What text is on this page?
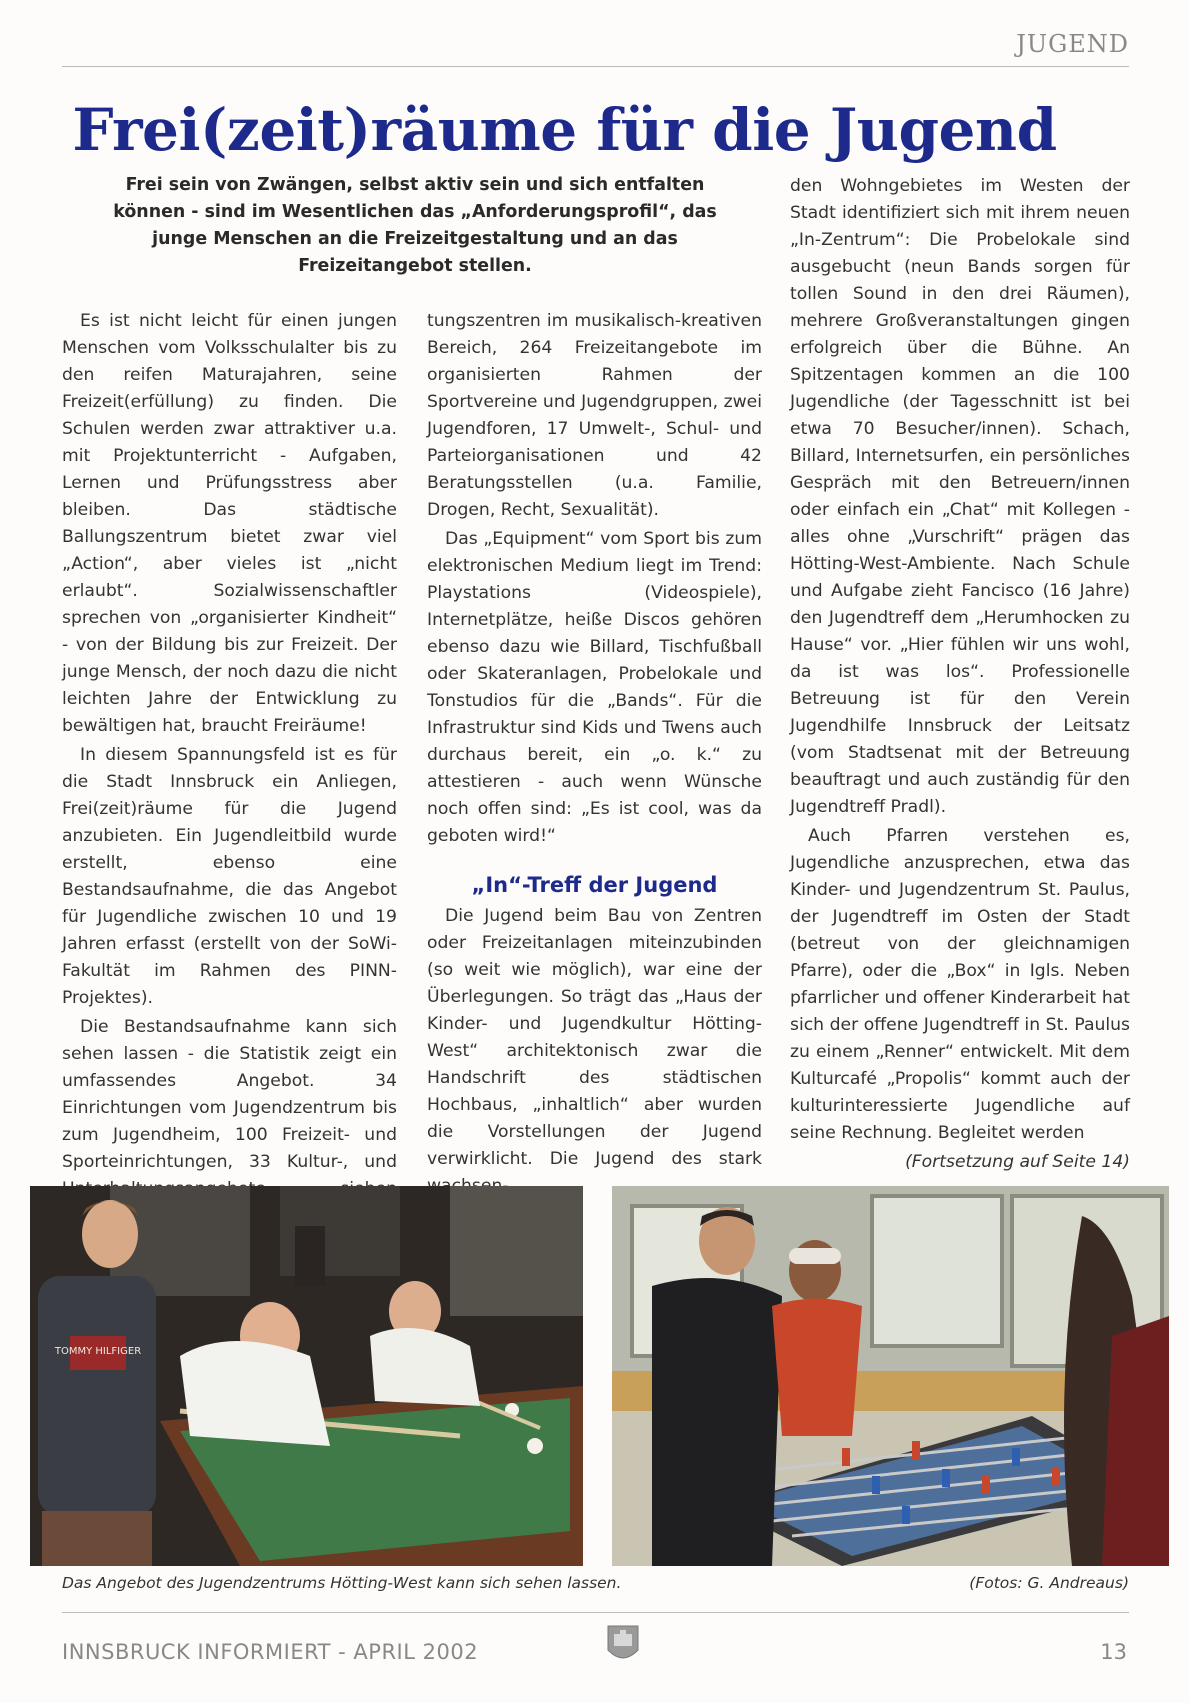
JUGEND
Frei(zeit)räume für die Jugend

Frei sein von Zwängen, selbst aktiv sein und sich entfalten können - sind im Wesentlichen das „Anforderungsprofil“, das junge Menschen an die Freizeitgestaltung und an das Freizeitangebot stellen.

Es ist nicht leicht für einen jungen Menschen vom Volksschulalter bis zu den reifen Maturajahren, seine Freizeit(erfüllung) zu finden. Die Schulen werden zwar attraktiver u.a. mit Projektunterricht - Aufgaben, Lernen und Prüfungsstress aber bleiben. Das städtische Ballungszentrum bietet zwar viel „Action“, aber vieles ist „nicht erlaubt“. Sozialwissenschaftler sprechen von „organisierter Kindheit“ - von der Bildung bis zur Freizeit. Der junge Mensch, der noch dazu die nicht leichten Jahre der Entwicklung zu bewältigen hat, braucht Freiräume!

In diesem Spannungsfeld ist es für die Stadt Innsbruck ein Anliegen, Frei(zeit)räume für die Jugend anzubieten. Ein Jugendleitbild wurde erstellt, ebenso eine Bestandsaufnahme, die das Angebot für Jugendliche zwischen 10 und 19 Jahren erfasst (erstellt von der SoWi-Fakultät im Rahmen des PINN-Projektes).

Die Bestandsaufnahme kann sich sehen lassen - die Statistik zeigt ein umfassendes Angebot. 34 Einrichtungen vom Jugendzentrum bis zum Jugendheim, 100 Freizeit- und Sporteinrichtungen, 33 Kultur-, und

tungszentren im musikalisch-kreativen Bereich, 264 Freizeitangebote im organisierten Rahmen der Sportvereine und Jugendgruppen, zwei Jugendforen, 17 Umwelt-, Schul- und Parteiorganisationen und 42 Beratungsstellen (u.a. Familie, Drogen, Recht, Sexualität).

Das „Equipment“ vom Sport bis zum elektronischen Medium liegt im Trend: Playstations (Videospiele), Internetplätze, heiße Discos gehören ebenso dazu wie Billard, Tischfußball oder Skateranlagen, Probelokale und Tonstudios für die „Bands“. Für die Infrastruktur sind Kids und Twens auch durchaus bereit, ein „o. k.“ zu attestieren - auch wenn Wünsche noch offen sind: „Es ist cool, was da geboten wird!“

„In“-Treff der Jugend

Die Jugend beim Bau von Zentren oder Freizeitanlagen miteinzubinden (so weit wie möglich), war eine der Überlegungen. So trägt das „Haus der Kinder- und Jugendkultur Hötting-West“ architektonisch zwar die Handschrift des städtischen Hochbaus, „inhaltlich“ aber wurden die Vorstellungen der Jugend verwirklicht. Die Jugend des stark

den Wohngebietes im Westen der Stadt identifiziert sich mit ihrem neuen „In-Zentrum“: Die Probelokale sind ausgebucht (neun Bands sorgen für tollen Sound in den drei Räumen), mehrere Großveranstaltungen gingen erfolgreich über die Bühne. An Spitzentagen kommen an die 100 Jugendliche (der Tagesschnitt ist bei etwa 70 Besucher/innen). Schach, Billard, Internetsurfen, ein persönliches Gespräch mit den Betreuern/innen oder einfach ein „Chat“ mit Kollegen - alles ohne „Vurschrift“ prägen das Hötting-West-Ambiente. Nach Schule und Aufgabe zieht Fancisco (16 Jahre) den Jugendtreff dem „Herumhocken zu Hause“ vor. „Hier fühlen wir uns wohl, da ist was los“. Professionelle Betreuung ist für den Verein Jugendhilfe Innsbruck der Leitsatz (vom Stadtsenat mit der Betreuung beauftragt und auch zuständig für den Jugendtreff Pradl).

Auch Pfarren verstehen es, Jugendliche anzusprechen, etwa das Kinder- und Jugendzentrum St. Paulus, der Jugendtreff im Osten der Stadt (betreut von der gleichnamigen Pfarre), oder die „Box“ in Igls. Neben pfarrlicher und offener Kinderarbeit hat sich der offene Jugendtreff in St. Paulus zu einem „Renner“ entwickelt. Mit dem Kulturcafé „Propolis“ kommt auch der kulturinteressierte Jugendliche auf seine Rechnung. Begleitet werden

(Fortsetzung auf Seite 14)
TOMMY HILFIGER
Das Angebot des Jugendzentrums Hötting-West kann sich sehen lassen.	(Fotos: G. Andreaus)
INNSBRUCK INFORMIERT - APRIL 2002	13
